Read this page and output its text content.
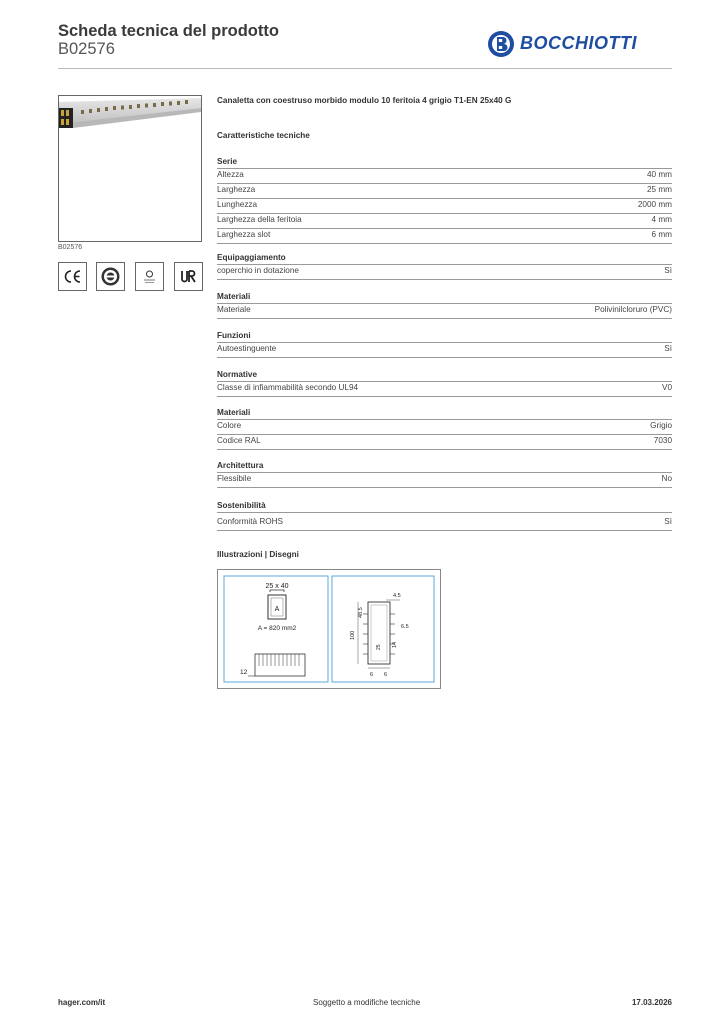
Scheda tecnica del prodotto
B02576	BOCCHIOTTI
B02576
Canaletta con coestruso morbido modulo 10 feritoia 4 grigio T1-EN 25x40 G
Caratteristiche tecniche
Serie
Altezza	40 mm
Larghezza	25 mm
Lunghezza	2000 mm
Larghezza della feritoia	4 mm
Larghezza slot	6 mm
Equipaggiamento
coperchio in dotazione	Sì
Materiali
Materiale	Polivinilcloruro (PVC)
Funzioni
Autoestinguente	Sì
Normative
Classe di infiammabilità secondo UL94	V0
Materiali
Colore	Grigio
Codice RAL	7030
Architettura
Flessibile	No
Sostenibilità
Conformità ROHS	Sì
Illustrazioni | Disegni
25 x 40
A
A = 820 mm2
12
4.5
48.5
100
6.5
14
25
6 6
hager.com/it	Soggetto a modifiche tecniche	17.03.2026
